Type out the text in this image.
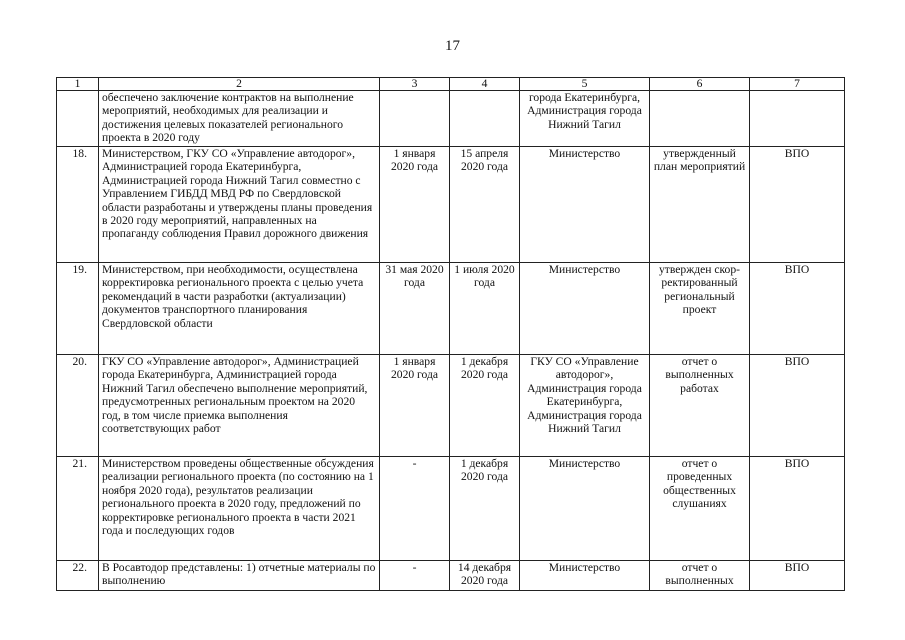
17
1	2	3	4	5	6	7

	обеспечено заключение контрактов на выполнение мероприятий, необходимых для реализации и достижения целевых показателей регионального проекта в 2020 году			города Екатеринбурга, Администрация города Нижний Тагил		

18.	Министерством, ГКУ СО «Управление автодорог», Администрацией города Екатеринбурга, Администрацией города Нижний Тагил совместно с Управлением ГИБДД МВД РФ по Свердловской области разработаны и утверждены планы проведения в 2020 году мероприятий, направленных на пропаганду соблюдения Правил дорожного движения	1 января 2020 года	15 апреля 2020 года	Министерство	утвержденный план мероприятий	ВПО

19.	Министерством, при необходимости, осуществлена корректировка регионального проекта с целью учета рекомендаций в части разработки (актуализации) документов транспортного планирования Свердловской области	31 мая 2020 года	1 июля 2020 года	Министерство	утвержден скор-ректированный региональный проект	ВПО

20.	ГКУ СО «Управление автодорог», Администрацией города Екатеринбурга, Администрацией города Нижний Тагил обеспечено выполнение мероприятий, предусмотренных региональным проектом на 2020 год, в том числе приемка выполнения соответствующих работ	1 января 2020 года	1 декабря 2020 года	ГКУ СО «Управление автодорог», Администрация города Екатеринбурга, Администрация города Нижний Тагил	отчет о выполненных работах	ВПО

21.	Министерством проведены общественные обсуждения реализации регионального проекта (по состоянию на 1 ноября 2020 года), результатов реализации регионального проекта в 2020 году, предложений по корректировке регионального проекта в части 2021 года и последующих годов	-	1 декабря 2020 года	Министерство	отчет о проведенных общественных слушаниях	ВПО

22.	В Росавтодор представлены: 1) отчетные материалы по выполнению	-	14 декабря 2020 года	Министерство	отчет о выполненных	ВПО
